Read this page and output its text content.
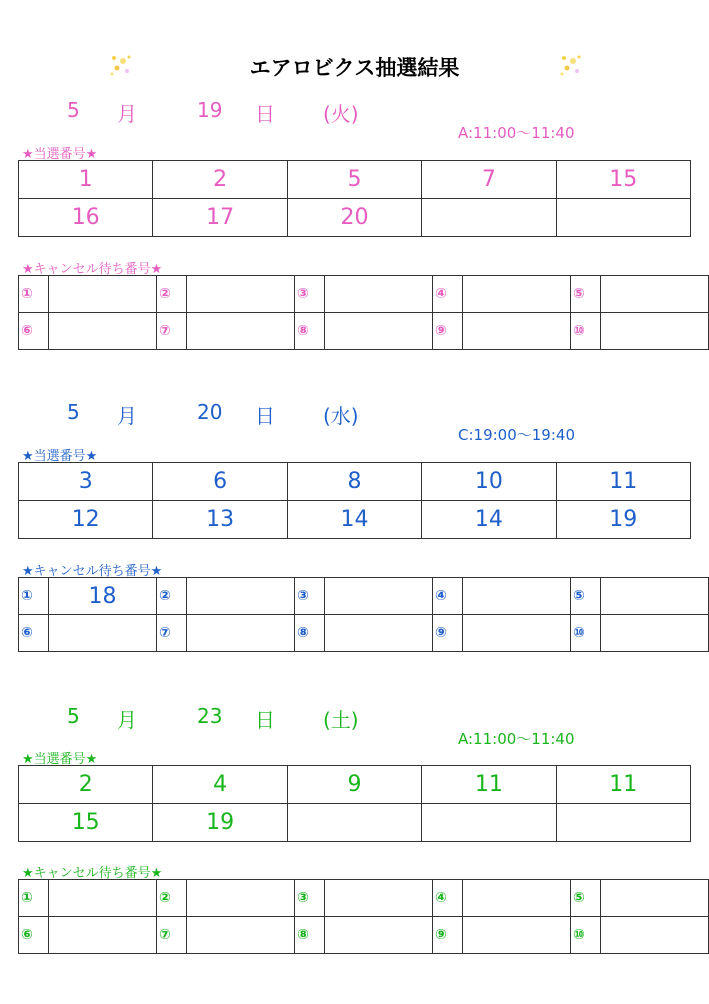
エアロビクス抽選結果
5 月	19 日 (火)
A:11:00～11:40
★当選番号★
1	2	5	7	15
16	17	20		
★キャンセル待ち番号★
①		②		③		④		⑤	
⑥		⑦		⑧		⑨		⑩	
5 月	20 日 (水)
C:19:00～19:40
★当選番号★
3	6	8	10	11
12	13	14	14	19
★キャンセル待ち番号★
①	18	②		③		④		⑤	
⑥		⑦		⑧		⑨		⑩	
5 月	23 日 (土)
A:11:00～11:40
★当選番号★
2	4	9	11	11
15	19			
★キャンセル待ち番号★
①		②		③		④		⑤	
⑥		⑦		⑧		⑨		⑩	
